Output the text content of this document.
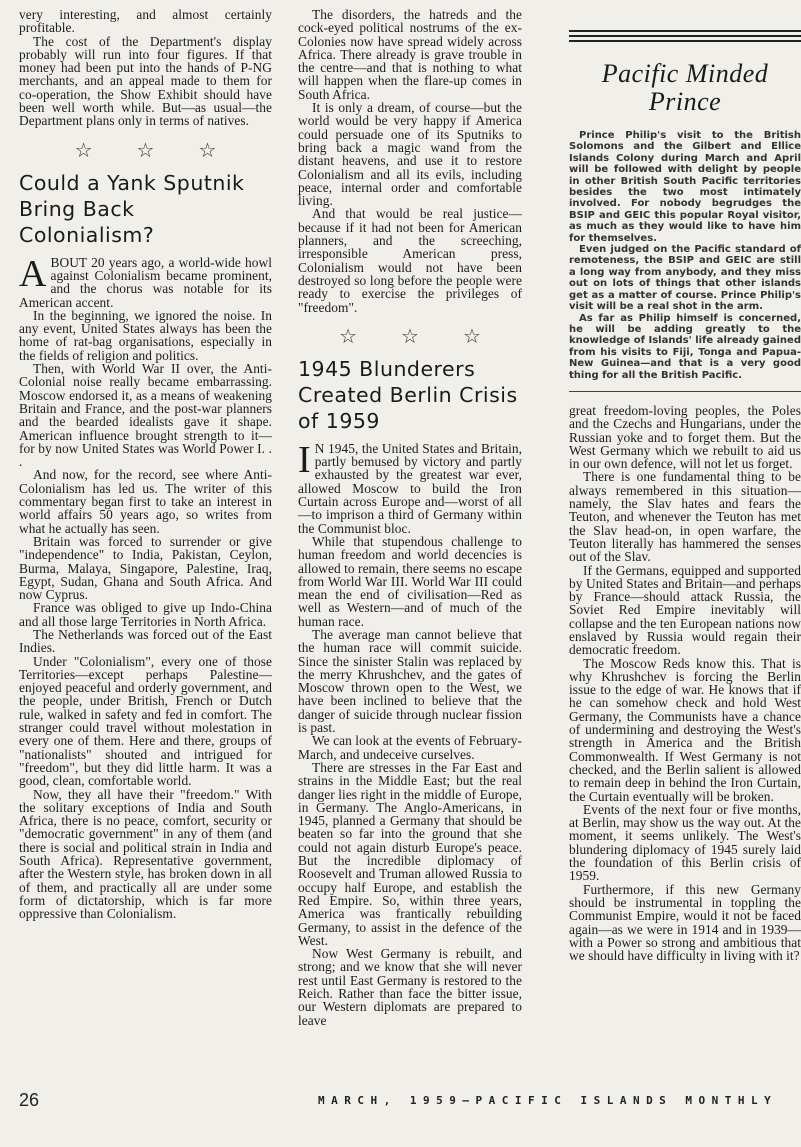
very interesting, and almost certainly profitable.

The cost of the Department's display probably will run into four figures. If that money had been put into the hands of P-NG merchants, and an appeal made to them for co-operation, the Show Exhibit should have been well worth while. But—as usual—the Department plans only in terms of natives.

☆ ☆ ☆
Could a Yank Sputnik Bring Back Colonialism?

ABOUT 20 years ago, a world-wide howl against Colonialism became prominent, and the chorus was notable for its American accent.

In the beginning, we ignored the noise. In any event, United States always has been the home of rat-bag organisations, especially in the fields of religion and politics.

Then, with World War II over, the Anti-Colonial noise really became embarrassing. Moscow endorsed it, as a means of weakening Britain and France, and the post-war planners and the bearded idealists gave it shape. American influence brought strength to it—for by now United States was World Power I. . .

And now, for the record, see where Anti-Colonialism has led us. The writer of this commentary began first to take an interest in world affairs 50 years ago, so writes from what he actually has seen.

Britain was forced to surrender or give "independence" to India, Pakistan, Ceylon, Burma, Malaya, Singapore, Palestine, Iraq, Egypt, Sudan, Ghana and South Africa. And now Cyprus.

France was obliged to give up Indo-China and all those large Territories in North Africa.

The Netherlands was forced out of the East Indies.

Under "Colonialism", every one of those Territories—except perhaps Palestine—enjoyed peaceful and orderly government, and the people, under British, French or Dutch rule, walked in safety and fed in comfort. The stranger could travel without molestation in every one of them. Here and there, groups of "nationalists" shouted and intrigued for "freedom", but they did little harm. It was a good, clean, comfortable world.

Now, they all have their "freedom." With the solitary exceptions of India and South Africa, there is no peace, comfort, security or "democratic government" in any of them (and there is social and political strain in India and South Africa). Representative government, after the Western style, has broken down in all of them, and practically all are under some form of dictatorship, which is far more oppressive than Colonialism.

The disorders, the hatreds and the cock-eyed political nostrums of the ex-Colonies now have spread widely across Africa. There already is grave trouble in the centre—and that is nothing to what will happen when the flare-up comes in South Africa.

It is only a dream, of course—but the world would be very happy if America could persuade one of its Sputniks to bring back a magic wand from the distant heavens, and use it to restore Colonialism and all its evils, including peace, internal order and comfortable living.

And that would be real justice—because if it had not been for American planners, and the screeching, irresponsible American press, Colonialism would not have been destroyed so long before the people were ready to exercise the privileges of "freedom".

☆ ☆ ☆
1945 Blunderers Created Berlin Crisis of 1959

I N 1945, the United States and Britain, partly bemused by victory and partly exhausted by the greatest war ever, allowed Moscow to build the Iron Curtain across Europe and—worst of all—to imprison a third of Germany within the Communist bloc.

While that stupendous challenge to human freedom and world decencies is allowed to remain, there seems no escape from World War III. World War III could mean the end of civilisation—Red as well as Western—and of much of the human race.

The average man cannot believe that the human race will commit suicide. Since the sinister Stalin was replaced by the merry Khrushchev, and the gates of Moscow thrown open to the West, we have been inclined to believe that the danger of suicide through nuclear fission is past.

We can look at the events of February-March, and undeceive curselves.

There are stresses in the Far East and strains in the Middle East; but the real danger lies right in the middle of Europe, in Germany. The Anglo-Americans, in 1945, planned a Germany that should be beaten so far into the ground that she could not again disturb Europe's peace. But the incredible diplomacy of Roosevelt and Truman allowed Russia to occupy half Europe, and establish the Red Empire. So, within three years, America was frantically rebuilding Germany, to assist in the defence of the West.

Now West Germany is rebuilt, and strong; and we know that she will never rest until East Germany is restored to the Reich. Rather than face the bitter issue, our Western diplomats are prepared to leave

Pacific Minded Prince

Prince Philip's visit to the British Solomons and the Gilbert and Ellice Islands Colony during March and April will be followed with delight by people in other British South Pacific territories besides the two most intimately involved. For nobody begrudges the BSIP and GEIC this popular Royal visitor, as much as they would like to have him for themselves.

Even judged on the Pacific standard of remoteness, the BSIP and GEIC are still a long way from anybody, and they miss out on lots of things that other islands get as a matter of course. Prince Philip's visit will be a real shot in the arm.

As far as Philip himself is concerned, he will be adding greatly to the knowledge of Islands' life already gained from his visits to Fiji, Tonga and Papua-New Guinea—and that is a very good thing for all the British Pacific.

great freedom-loving peoples, the Poles and the Czechs and Hungarians, under the Russian yoke and to forget them. But the West Germany which we rebuilt to aid us in our own defence, will not let us forget.

There is one fundamental thing to be always remembered in this situation—namely, the Slav hates and fears the Teuton, and whenever the Teuton has met the Slav head-on, in open warfare, the Teuton literally has hammered the senses out of the Slav.

If the Germans, equipped and supported by United States and Britain—and perhaps by France—should attack Russia, the Soviet Red Empire inevitably will collapse and the ten European nations now enslaved by Russia would regain their democratic freedom.

The Moscow Reds know this. That is why Khrushchev is forcing the Berlin issue to the edge of war. He knows that if he can somehow check and hold West Germany, the Communists have a chance of undermining and destroying the West's strength in America and the British Commonwealth. If West Germany is not checked, and the Berlin salient is allowed to remain deep in behind the Iron Curtain, the Curtain eventually will be broken.

Events of the next four or five months, at Berlin, may show us the way out. At the moment, it seems unlikely. The West's blundering diplomacy of 1945 surely laid the foundation of this Berlin crisis of 1959.

Furthermore, if this new Germany should be instrumental in toppling the Communist Empire, would it not be faced again—as we were in 1914 and in 1939—with a Power so strong and ambitious that we should have difficulty in living with it?

26	MARCH, 1959—PACIFIC ISLANDS MONTHLY
